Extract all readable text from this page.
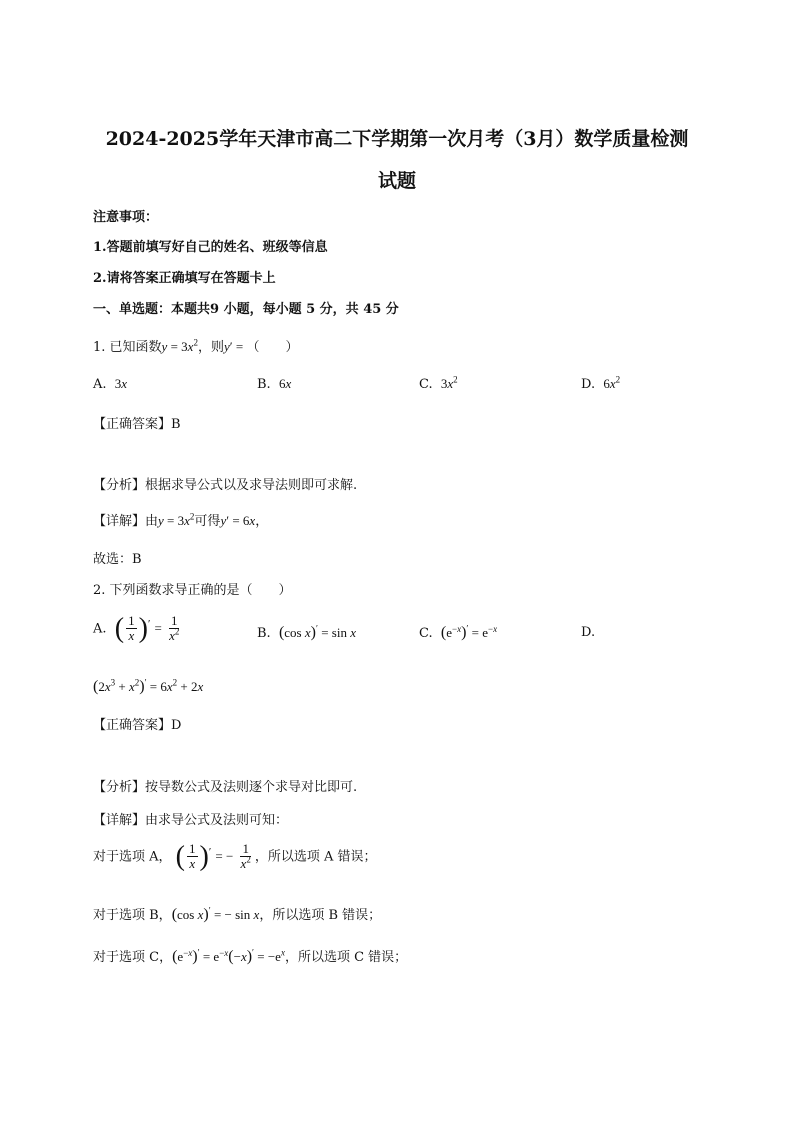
2024-2025学年天津市高二下学期第一次月考（3月）数学质量检测
试题
注意事项：
1.答题前填写好自己的姓名、班级等信息
2.请将答案正确填写在答题卡上
一、单选题：本题共9 小题，每小题 5 分，共 45 分
1. 已知函数$y = 3x^2$，则y′ = （　　）
A. 3x	B. 6x	C. $3x^2$	D. $6x^2$
【正确答案】B
【分析】根据求导公式以及求导法则即可求解.
【详解】由$y = 3x^2$可得y′ = 6x，
故选：B
2. 下列函数求导正确的是（　　）
A. ( $\frac{1}{x} )' = \frac{1}{x^2}$	B. (cos x)′ = sin x	C. $(e^{-x})' = e^{-x}$	D.
$(2x^3 + x^2)' = 6x^2 + 2x$
【正确答案】D
【分析】按导数公式及法则逐个求导对比即可.
【详解】由求导公式及法则可知：
对于选项 A， ( $\frac{1}{x} )'$ = − $\frac{1}{x^2}$ ，所以选项 A 错误；
对于选项 B，(cos x)′ = − sin x，所以选项 B 错误；
对于选项 C，$(e^{-x})' = e^{-x}(-x)' = -e^x$，所以选项 C 错误；
